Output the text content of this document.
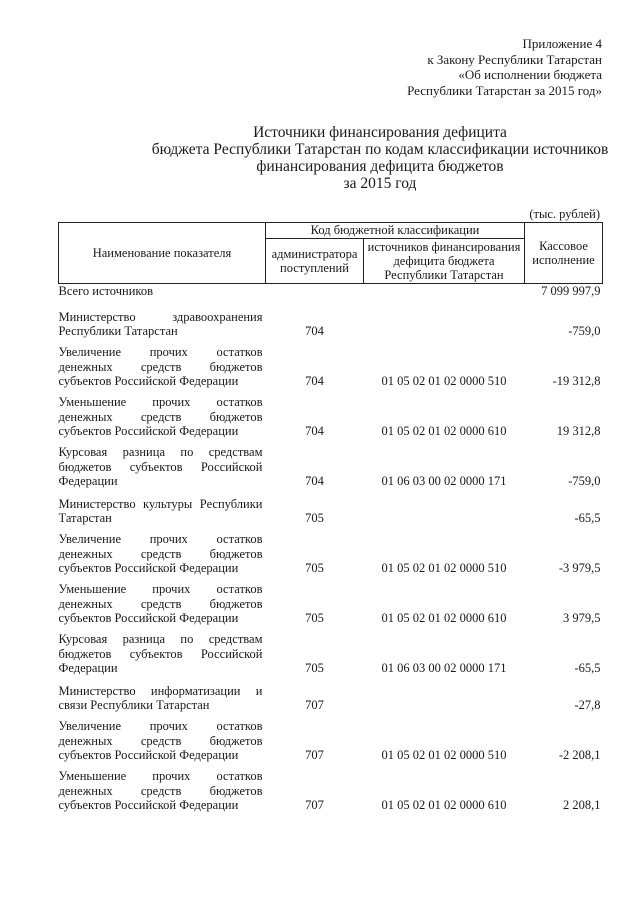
Приложение 4
к Закону Республики Татарстан
«Об исполнении бюджета
Республики Татарстан за 2015 год»
Источники финансирования дефицита
бюджета Республики Татарстан по кодам классификации источников
финансирования дефицита бюджетов
за 2015 год
(тыс. рублей)
Наименование показателя	Код бюджетной классификации		Кассовое исполнение
	администратора поступлений	источников финансирования дефицита бюджета Республики Татарстан	
Всего источников			7 099 997,9
Министерство здравоохранения Республики Татарстан	704		-759,0
Увеличение прочих остатков денежных средств бюджетов субъектов Российской Федерации	704	01 05 02 01 02 0000 510	-19 312,8
Уменьшение прочих остатков денежных средств бюджетов субъектов Российской Федерации	704	01 05 02 01 02 0000 610	19 312,8
Курсовая разница по средствам бюджетов субъектов Российской Федерации	704	01 06 03 00 02 0000 171	-759,0
Министерство культуры Республики Татарстан	705		-65,5
Увеличение прочих остатков денежных средств бюджетов субъектов Российской Федерации	705	01 05 02 01 02 0000 510	-3 979,5
Уменьшение прочих остатков денежных средств бюджетов субъектов Российской Федерации	705	01 05 02 01 02 0000 610	3 979,5
Курсовая разница по средствам бюджетов субъектов Российской Федерации	705	01 06 03 00 02 0000 171	-65,5
Министерство информатизации и связи Республики Татарстан	707		-27,8
Увеличение прочих остатков денежных средств бюджетов субъектов Российской Федерации	707	01 05 02 01 02 0000 510	-2 208,1
Уменьшение прочих остатков денежных средств бюджетов субъектов Российской Федерации	707	01 05 02 01 02 0000 610	2 208,1
